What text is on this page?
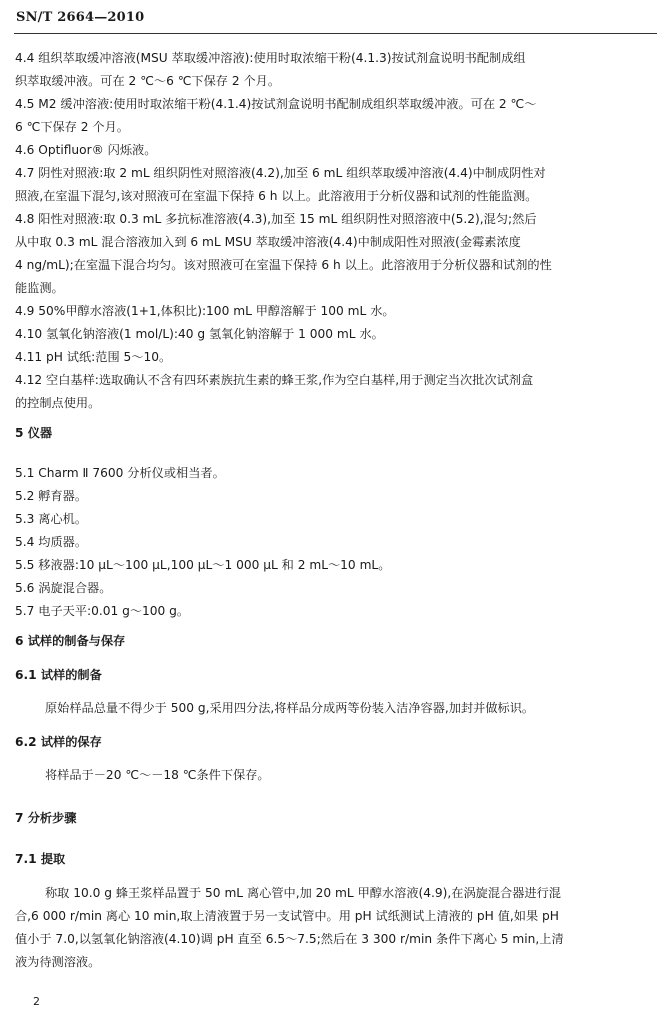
SN/T 2664—2010
4.4 组织萃取缓冲溶液(MSU 萃取缓冲溶液):使用时取浓缩干粉(4.1.3)按试剂盒说明书配制成组
织萃取缓冲液。可在 2 ℃～6 ℃下保存 2 个月。
4.5 M2 缓冲溶液:使用时取浓缩干粉(4.1.4)按试剂盒说明书配制成组织萃取缓冲液。可在 2 ℃～
6 ℃下保存 2 个月。
4.6 Optifluor® 闪烁液。
4.7 阴性对照液:取 2 mL 组织阴性对照溶液(4.2),加至 6 mL 组织萃取缓冲溶液(4.4)中制成阴性对
照液,在室温下混匀,该对照液可在室温下保持 6 h 以上。此溶液用于分析仪器和试剂的性能监测。
4.8 阳性对照液:取 0.3 mL 多抗标准溶液(4.3),加至 15 mL 组织阴性对照溶液中(5.2),混匀;然后
从中取 0.3 mL 混合溶液加入到 6 mL MSU 萃取缓冲溶液(4.4)中制成阳性对照液(金霉素浓度
4 ng/mL);在室温下混合均匀。该对照液可在室温下保持 6 h 以上。此溶液用于分析仪器和试剂的性
能监测。
4.9 50%甲醇水溶液(1+1,体积比):100 mL 甲醇溶解于 100 mL 水。
4.10 氢氧化钠溶液(1 mol/L):40 g 氢氧化钠溶解于 1 000 mL 水。
4.11 pH 试纸:范围 5～10。
4.12 空白基样:选取确认不含有四环素族抗生素的蜂王浆,作为空白基样,用于测定当次批次试剂盒
的控制点使用。
5 仪器
5.1 Charm Ⅱ 7600 分析仪或相当者。
5.2 孵育器。
5.3 离心机。
5.4 均质器。
5.5 移液器:10 μL～100 μL,100 μL～1 000 μL 和 2 mL～10 mL。
5.6 涡旋混合器。
5.7 电子天平:0.01 g～100 g。
6 试样的制备与保存
6.1 试样的制备
原始样品总量不得少于 500 g,采用四分法,将样品分成两等份装入洁净容器,加封并做标识。
6.2 试样的保存
将样品于－20 ℃～－18 ℃条件下保存。
7 分析步骤
7.1 提取
称取 10.0 g 蜂王浆样品置于 50 mL 离心管中,加 20 mL 甲醇水溶液(4.9),在涡旋混合器进行混
合,6 000 r/min 离心 10 min,取上清液置于另一支试管中。用 pH 试纸测试上清液的 pH 值,如果 pH
值小于 7.0,以氢氧化钠溶液(4.10)调 pH 直至 6.5～7.5;然后在 3 300 r/min 条件下离心 5 min,上清
液为待测溶液。
2
